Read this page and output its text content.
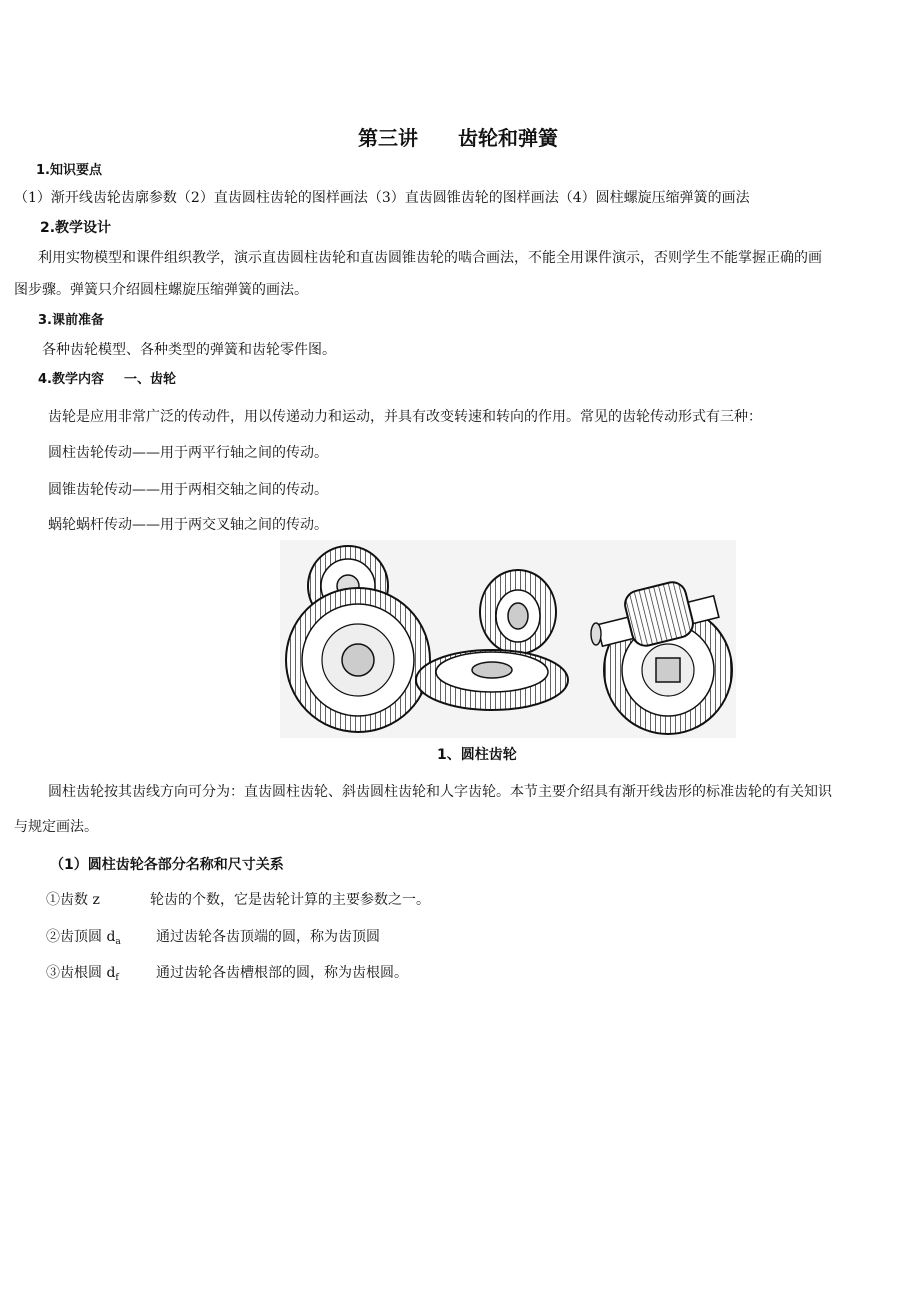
第三讲 齿轮和弹簧
1.知识要点
（1）渐开线齿轮齿廓参数（2）直齿圆柱齿轮的图样画法（3）直齿圆锥齿轮的图样画法（4）圆柱螺旋压缩弹簧的画法
2.教学设计
利用实物模型和课件组织教学，演示直齿圆柱齿轮和直齿圆锥齿轮的啮合画法，不能全用课件演示，否则学生不能掌握正确的画
图步骤。弹簧只介绍圆柱螺旋压缩弹簧的画法。
3.课前准备
各种齿轮模型、各种类型的弹簧和齿轮零件图。
4.教学内容 一、齿轮
齿轮是应用非常广泛的传动件，用以传递动力和运动，并具有改变转速和转向的作用。常见的齿轮传动形式有三种：
圆柱齿轮传动——用于两平行轴之间的传动。
圆锥齿轮传动——用于两相交轴之间的传动。
蜗轮蜗杆传动——用于两交叉轴之间的传动。
1、圆柱齿轮
圆柱齿轮按其齿线方向可分为：直齿圆柱齿轮、斜齿圆柱齿轮和人字齿轮。本节主要介绍具有渐开线齿形的标准齿轮的有关知识
与规定画法。
（1）圆柱齿轮各部分名称和尺寸关系
①齿数 z	轮齿的个数，它是齿轮计算的主要参数之一。
②齿顶圆 $d_a$	通过齿轮各齿顶端的圆，称为齿顶圆
③齿根圆 $d_f$	通过齿轮各齿槽根部的圆，称为齿根圆。
